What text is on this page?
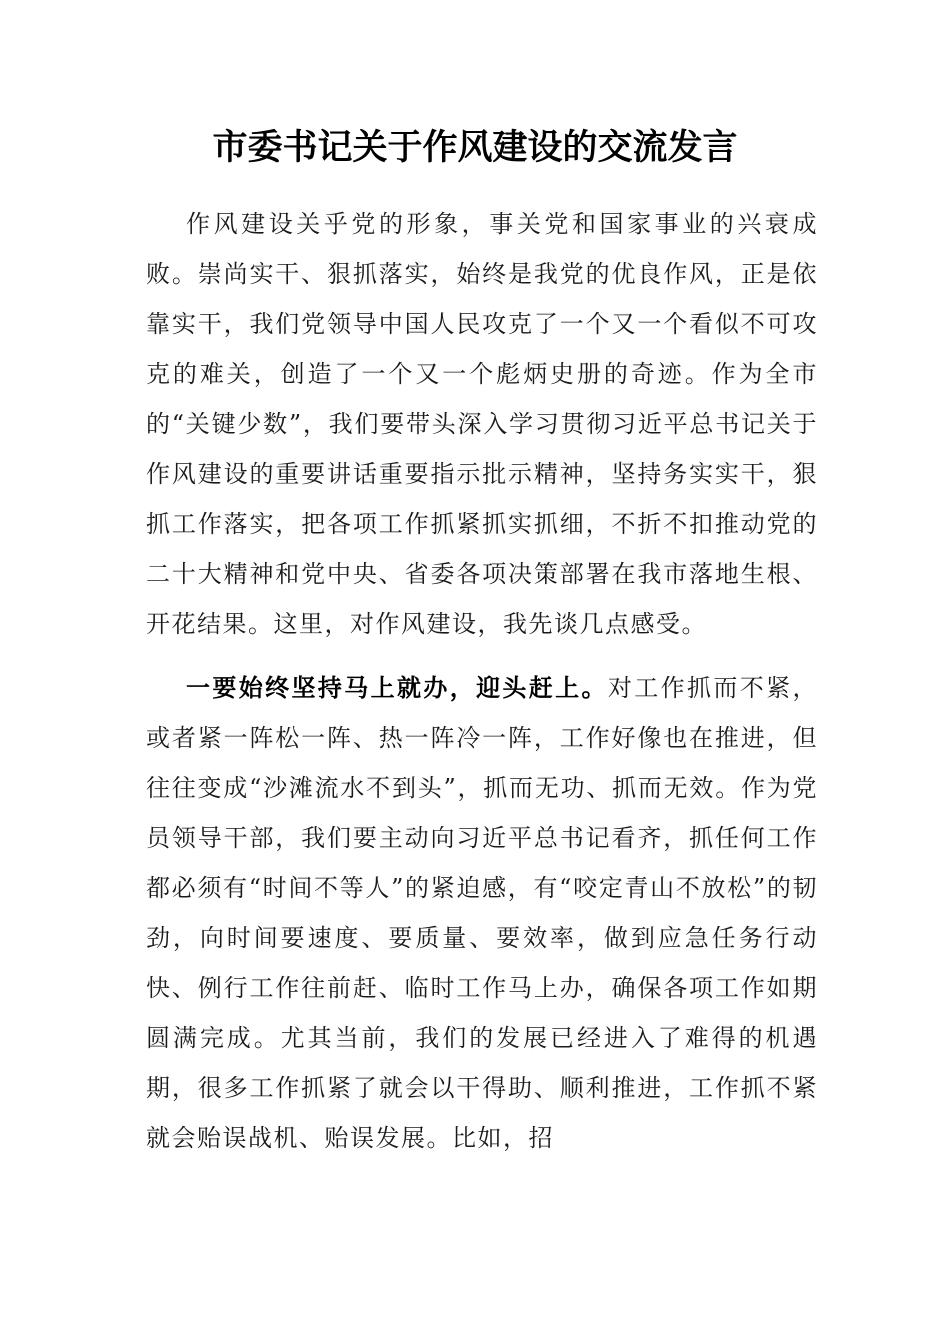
市委书记关于作风建设的交流发言

作风建设关乎党的形象，事关党和国家事业的兴衰成败。崇尚实干、狠抓落实，始终是我党的优良作风，正是依靠实干，我们党领导中国人民攻克了一个又一个看似不可攻克的难关，创造了一个又一个彪炳史册的奇迹。作为全市的“关键少数”，我们要带头深入学习贯彻习近平总书记关于作风建设的重要讲话重要指示批示精神，坚持务实实干，狠抓工作落实，把各项工作抓紧抓实抓细，不折不扣推动党的二十大精神和党中央、省委各项决策部署在我市落地生根、开花结果。这里，对作风建设，我先谈几点感受。

一要始终坚持马上就办，迎头赶上。对工作抓而不紧，或者紧一阵松一阵、热一阵冷一阵，工作好像也在推进，但往往变成“沙滩流水不到头”，抓而无功、抓而无效。作为党员领导干部，我们要主动向习近平总书记看齐，抓任何工作都必须有“时间不等人”的紧迫感，有“咬定青山不放松”的韧劲，向时间要速度、要质量、要效率，做到应急任务行动快、例行工作往前赶、临时工作马上办，确保各项工作如期圆满完成。尤其当前，我们的发展已经进入了难得的机遇期，很多工作抓紧了就会以干得助、顺利推进，工作抓不紧就会贻误战机、贻误发展。比如，招
